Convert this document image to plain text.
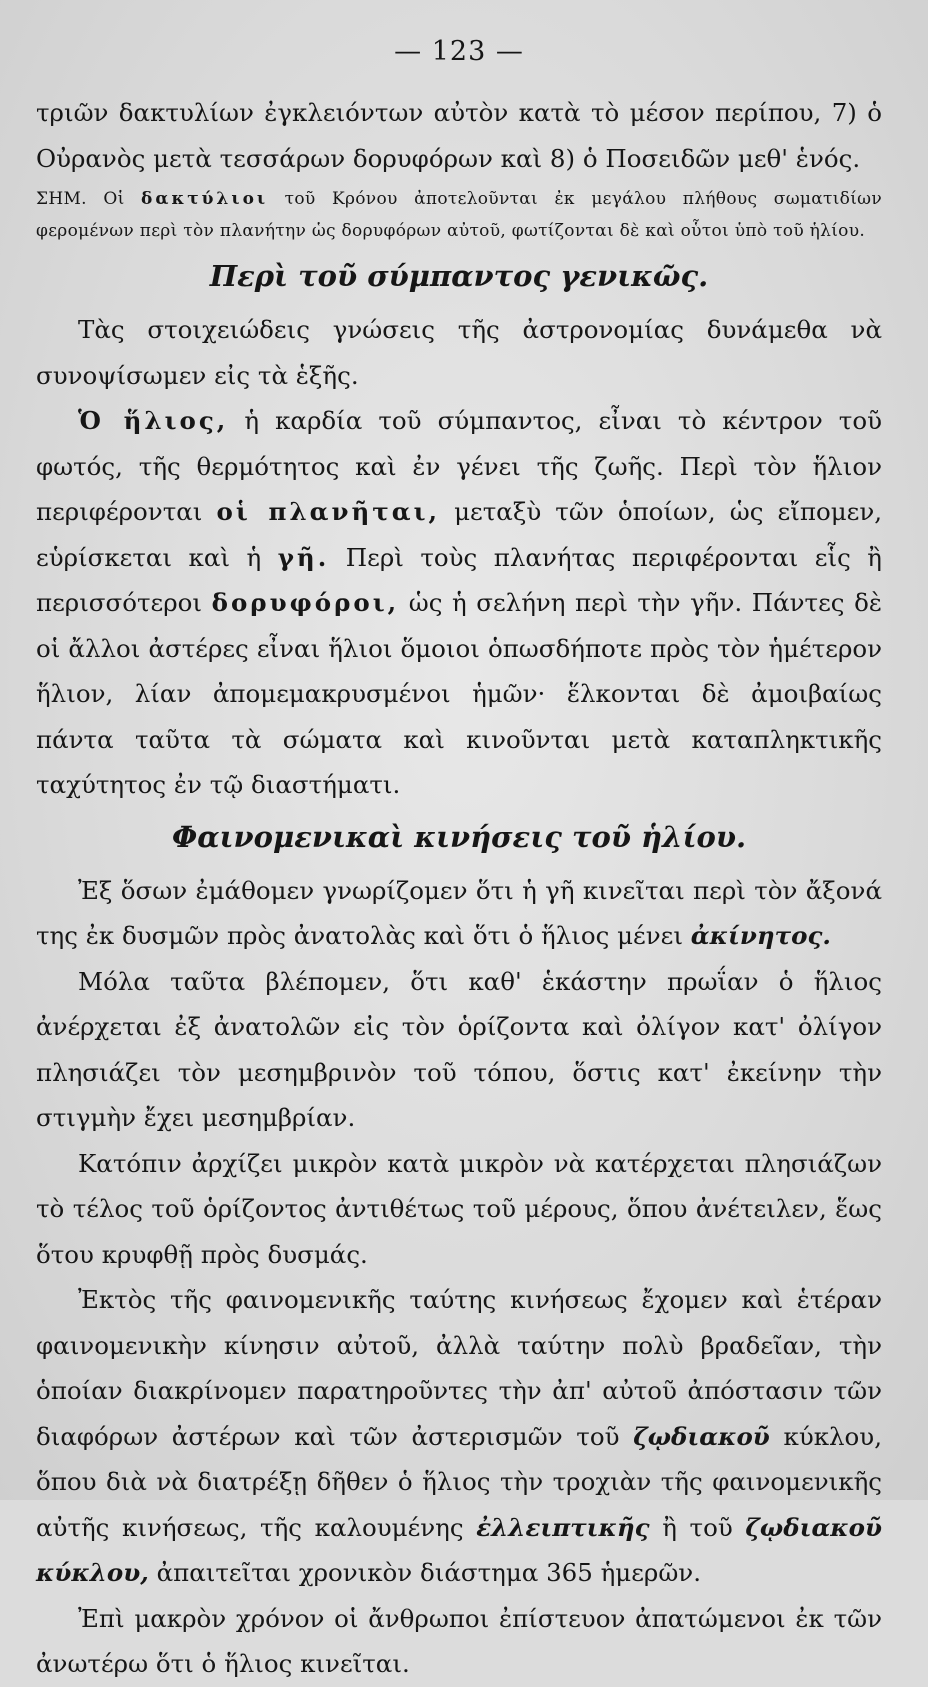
— 123 —

τριῶν δακτυλίων ἐγκλειόντων αὐτὸν κατὰ τὸ μέσον περίπου, 7) ὁ Οὐρανὸς μετὰ τεσσάρων δορυφόρων καὶ 8) ὁ Ποσειδῶν μεθ' ἑνός.

ΣΗΜ. Οἱ δακτύλιοι τοῦ Κρόνου ἀποτελοῦνται ἐκ μεγάλου πλήθους σωματιδίων φερομένων περὶ τὸν πλανήτην ὡς δορυφόρων αὐτοῦ, φωτίζονται δὲ καὶ οὗτοι ὑπὸ τοῦ ἡλίου.

Περὶ τοῦ σύμπαντος γενικῶς.

Τὰς στοιχειώδεις γνώσεις τῆς ἀστρονομίας δυνάμεθα νὰ συνοψίσωμεν εἰς τὰ ἑξῆς.

Ὁ ἥλιος, ἡ καρδία τοῦ σύμπαντος, εἶναι τὸ κέντρον τοῦ φωτός, τῆς θερμότητος καὶ ἐν γένει τῆς ζωῆς. Περὶ τὸν ἥλιον περιφέρονται οἱ πλανῆται, μεταξὺ τῶν ὁποίων, ὡς εἴπομεν, εὑρίσκεται καὶ ἡ γῆ. Περὶ τοὺς πλανήτας περιφέρονται εἷς ἢ περισσότεροι δορυφόροι, ὡς ἡ σελήνη περὶ τὴν γῆν. Πάντες δὲ οἱ ἄλλοι ἀστέρες εἶναι ἥλιοι ὅμοιοι ὁπωσδήποτε πρὸς τὸν ἡμέτερον ἥλιον, λίαν ἀπομεμακρυσμένοι ἡμῶν· ἕλκονται δὲ ἀμοιβαίως πάντα ταῦτα τὰ σώματα καὶ κινοῦνται μετὰ καταπληκτικῆς ταχύτητος ἐν τῷ διαστήματι.

Φαινομενικαὶ κινήσεις τοῦ ἡλίου.

Ἐξ ὅσων ἐμάθομεν γνωρίζομεν ὅτι ἡ γῆ κινεῖται περὶ τὸν ἄξονά της ἐκ δυσμῶν πρὸς ἀνατολὰς καὶ ὅτι ὁ ἥλιος μένει ἀκίνητος.

Μόλα ταῦτα βλέπομεν, ὅτι καθ' ἑκάστην πρωΐαν ὁ ἥλιος ἀνέρχεται ἐξ ἀνατολῶν εἰς τὸν ὁρίζοντα καὶ ὀλίγον κατ' ὀλίγον πλησιάζει τὸν μεσημβρινὸν τοῦ τόπου, ὅστις κατ' ἐκείνην τὴν στιγμὴν ἔχει μεσημβρίαν.

Κατόπιν ἀρχίζει μικρὸν κατὰ μικρὸν νὰ κατέρχεται πλησιάζων τὸ τέλος τοῦ ὁρίζοντος ἀντιθέτως τοῦ μέρους, ὅπου ἀνέτειλεν, ἕως ὅτου κρυφθῇ πρὸς δυσμάς.

Ἐκτὸς τῆς φαινομενικῆς ταύτης κινήσεως ἔχομεν καὶ ἑτέραν φαινομενικὴν κίνησιν αὐτοῦ, ἀλλὰ ταύτην πολὺ βραδεῖαν, τὴν ὁποίαν διακρίνομεν παρατηροῦντες τὴν ἀπ' αὐτοῦ ἀπόστασιν τῶν διαφόρων ἀστέρων καὶ τῶν ἀστερισμῶν τοῦ ζῳδιακοῦ κύκλου, ὅπου διὰ νὰ διατρέξῃ δῆθεν ὁ ἥλιος τὴν τροχιὰν τῆς φαινομενικῆς αὐτῆς κινήσεως, τῆς καλουμένης ἐλλειπτικῆς ἢ τοῦ ζῳδιακοῦ κύκλου, ἀπαιτεῖται χρονικὸν διάστημα 365 ἡμερῶν.

Ἐπὶ μακρὸν χρόνον οἱ ἄνθρωποι ἐπίστευον ἀπατώμενοι ἐκ τῶν ἀνωτέρω ὅτι ὁ ἥλιος κινεῖται.
